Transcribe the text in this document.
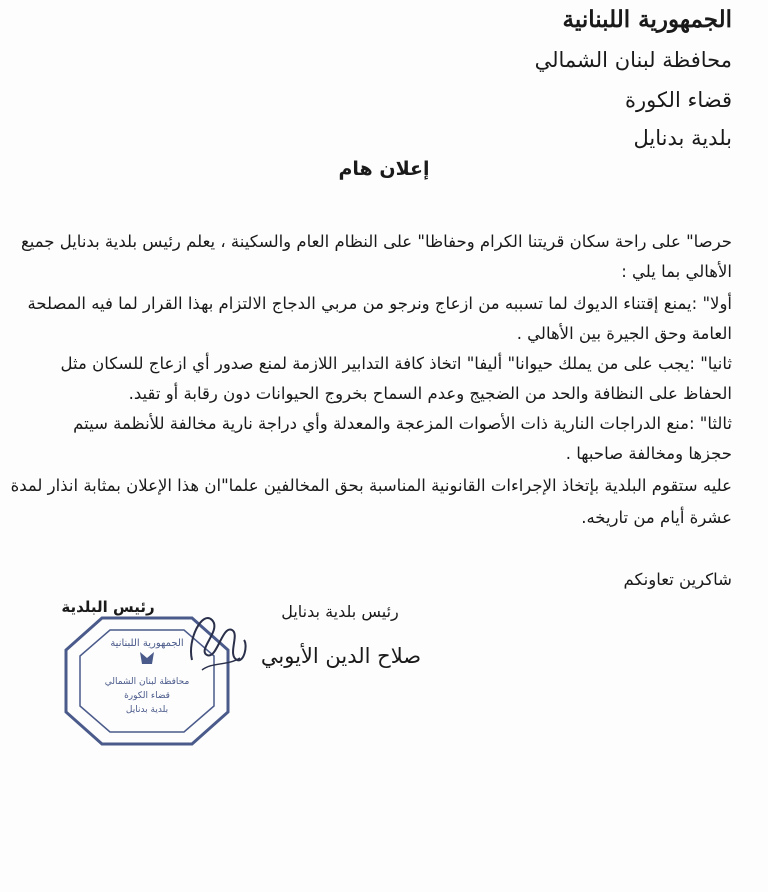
الجمهورية اللبنانية
محافظة لبنان الشمالي
قضاء الكورة
بلدية بدنايل
إعلان هام
حرصا" على راحة سكان قريتنا الكرام وحفاظا" على النظام العام والسكينة ، يعلم رئيس بلدية بدنايل جميع
الأهالي بما يلي :
أولا" :يمنع إقتناء الديوك لما تسببه من ازعاج ونرجو من مربي الدجاج الالتزام بهذا القرار لما فيه المصلحة
العامة وحق الجيرة بين الأهالي .
ثانيا" :يجب على من يملك حيوانا" أليفا" اتخاذ كافة التدابير اللازمة لمنع صدور أي ازعاج للسكان مثل
الحفاظ على النظافة والحد من الضجيج وعدم السماح بخروج الحيوانات دون رقابة أو تقيد.
ثالثا" :منع الدراجات النارية ذات الأصوات المزعجة والمعدلة وأي دراجة نارية مخالفة للأنظمة سيتم
حجزها ومخالفة صاحبها .
عليه ستقوم البلدية بإتخاذ الإجراءات القانونية المناسبة بحق المخالفين علما"ان هذا الإعلان بمثابة انذار لمدة
عشرة أيام من تاريخه.
شاكرين تعاونكم
رئيس بلدية بدنايل
صلاح الدين الأيوبي
رئيس البلدية
الجمهورية اللبنانية
محافظة لبنان الشمالي
قضاء الكورة
بلدية بدنايل
